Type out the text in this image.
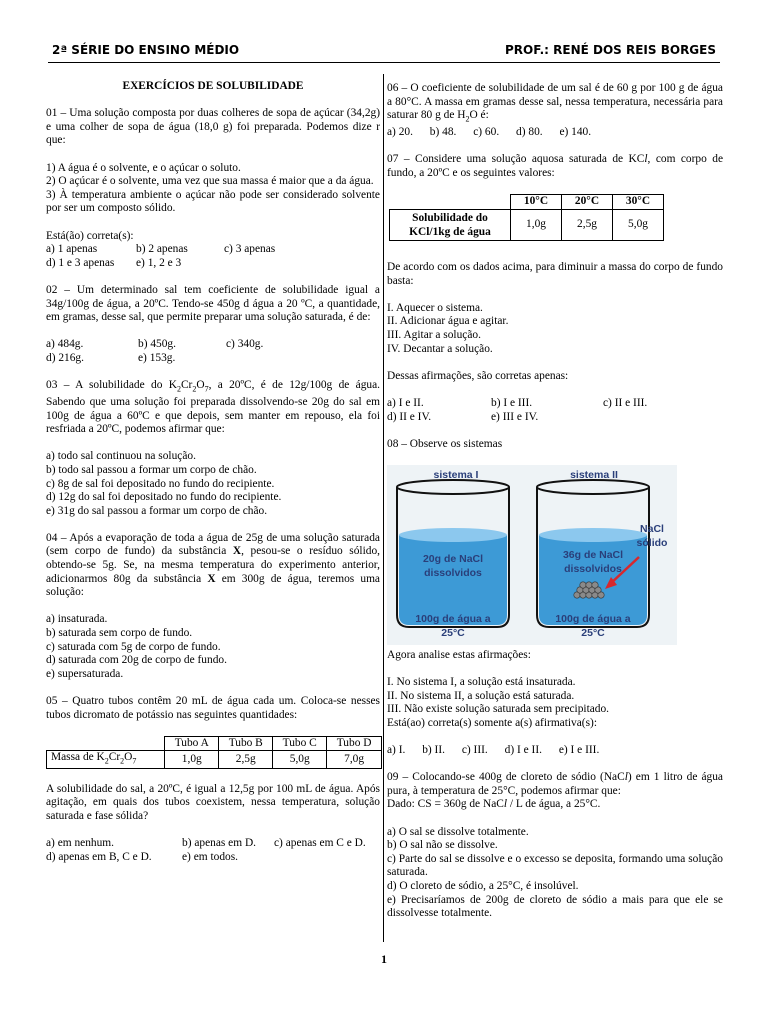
2ª SÉRIE DO ENSINO MÉDIO	PROF.: RENÉ DOS REIS BORGES
EXERCÍCIOS DE SOLUBILIDADE

01 – Uma solução composta por duas colheres de sopa de açúcar (34,2g) e uma colher de sopa de água (18,0 g) foi preparada. Podemos dize r que:

1) A água é o solvente, e o açúcar o soluto.
2) O açúcar é o solvente, uma vez que sua massa é maior que a da água.
3) À temperatura ambiente o açúcar não pode ser considerado solvente por ser um composto sólido.
Está(ão) correta(s):
a) 1 apenas	b) 2 apenas	c) 3 apenas
d) 1 e 3 apenas	e) 1, 2 e 3

02 – Um determinado sal tem coeficiente de solubilidade igual a 34g/100g de água, a 20ºC. Tendo-se 450g d água a 20 ºC, a quantidade, em gramas, desse sal, que permite preparar uma solução saturada, é de:

a) 484g.	b) 450g.	c) 340g.
d) 216g.	e) 153g.

03 – A solubilidade do $K_2Cr_2O_7$, a 20ºC, é de 12g/100g de água. Sabendo que uma solução foi preparada dissolvendo-se 20g do sal em 100g de água a 60ºC e que depois, sem manter em repouso, ela foi resfriada a 20ºC, podemos afirmar que:

a) todo sal continuou na solução.
b) todo sal passou a formar um corpo de chão.
c) 8g de sal foi depositado no fundo do recipiente.
d) 12g do sal foi depositado no fundo do recipiente.
e) 31g do sal passou a formar um corpo de chão.

04 – Após a evaporação de toda a água de 25g de uma solução saturada (sem corpo de fundo) da substância X, pesou-se o resíduo sólido, obtendo-se 5g. Se, na mesma temperatura do experimento anterior, adicionarmos 80g da substância X em 300g de água, teremos uma solução:

a) insaturada.
b) saturada sem corpo de fundo.
c) saturada com 5g de corpo de fundo.
d) saturada com 20g de corpo de fundo.
e) supersaturada.

05 – Quatro tubos contêm 20 mL de água cada um. Coloca-se nesses tubos dicromato de potássio nas seguintes quantidades:

	Tubo A	Tubo B	Tubo C	Tubo D
Massa de $K_2Cr_2O_7$	1,0g	2,5g	5,0g	7,0g

A solubilidade do sal, a 20ºC, é igual a 12,5g por 100 mL de água. Após agitação, em quais dos tubos coexistem, nessa temperatura, solução saturada e fase sólida?

a) em nenhum.	b) apenas em D.	c) apenas em C e D.
d) apenas em B, C e D.	e) em todos.

06 – O coeficiente de solubilidade de um sal é de 60 g por 100 g de água a 80°C. A massa em gramas desse sal, nessa temperatura, necessária para saturar 80 g de $H_2O$ é:
a) 20. b) 48. c) 60. d) 80. e) 140.

07 – Considere uma solução aquosa saturada de KCl, com corpo de fundo, a 20ºC e os seguintes valores:

	10°C	20°C	30°C
Solubilidade do KCl/1kg de água	1,0g	2,5g	5,0g

De acordo com os dados acima, para diminuir a massa do corpo de fundo basta:

I. Aquecer o sistema.
II. Adicionar água e agitar.
III. Agitar a solução.
IV. Decantar a solução.

Dessas afirmações, são corretas apenas:

a) I e II.	b) I e III.	c) II e III.
d) II e IV.	e) III e IV.

08 – Observe os sistemas

sistema I	sistema II
20g de NaCl dissolvidos
36g de NaCl dissolvidos
NaCl sólido
100g de água a 25°C
100g de água a 25°C

Agora analise estas afirmações:

I. No sistema I, a solução está insaturada.
II. No sistema II, a solução está saturada.
III. Não existe solução saturada sem precipitado.

Está(ao) correta(s) somente a(s) afirmativa(s):

a) I. b) II. c) III. d) I e II. e) I e III.

09 – Colocando-se 400g de cloreto de sódio (NaCl) em 1 litro de água pura, à temperatura de 25°C, podemos afirmar que:

Dado: CS = 360g de NaCl / L de água, a 25°C.

a) O sal se dissolve totalmente.
b) O sal não se dissolve.
c) Parte do sal se dissolve e o excesso se deposita, formando uma solução saturada.
d) O cloreto de sódio, a 25°C, é insolúvel.
e) Precisaríamos de 200g de cloreto de sódio a mais para que ele se dissolvesse totalmente.
1
